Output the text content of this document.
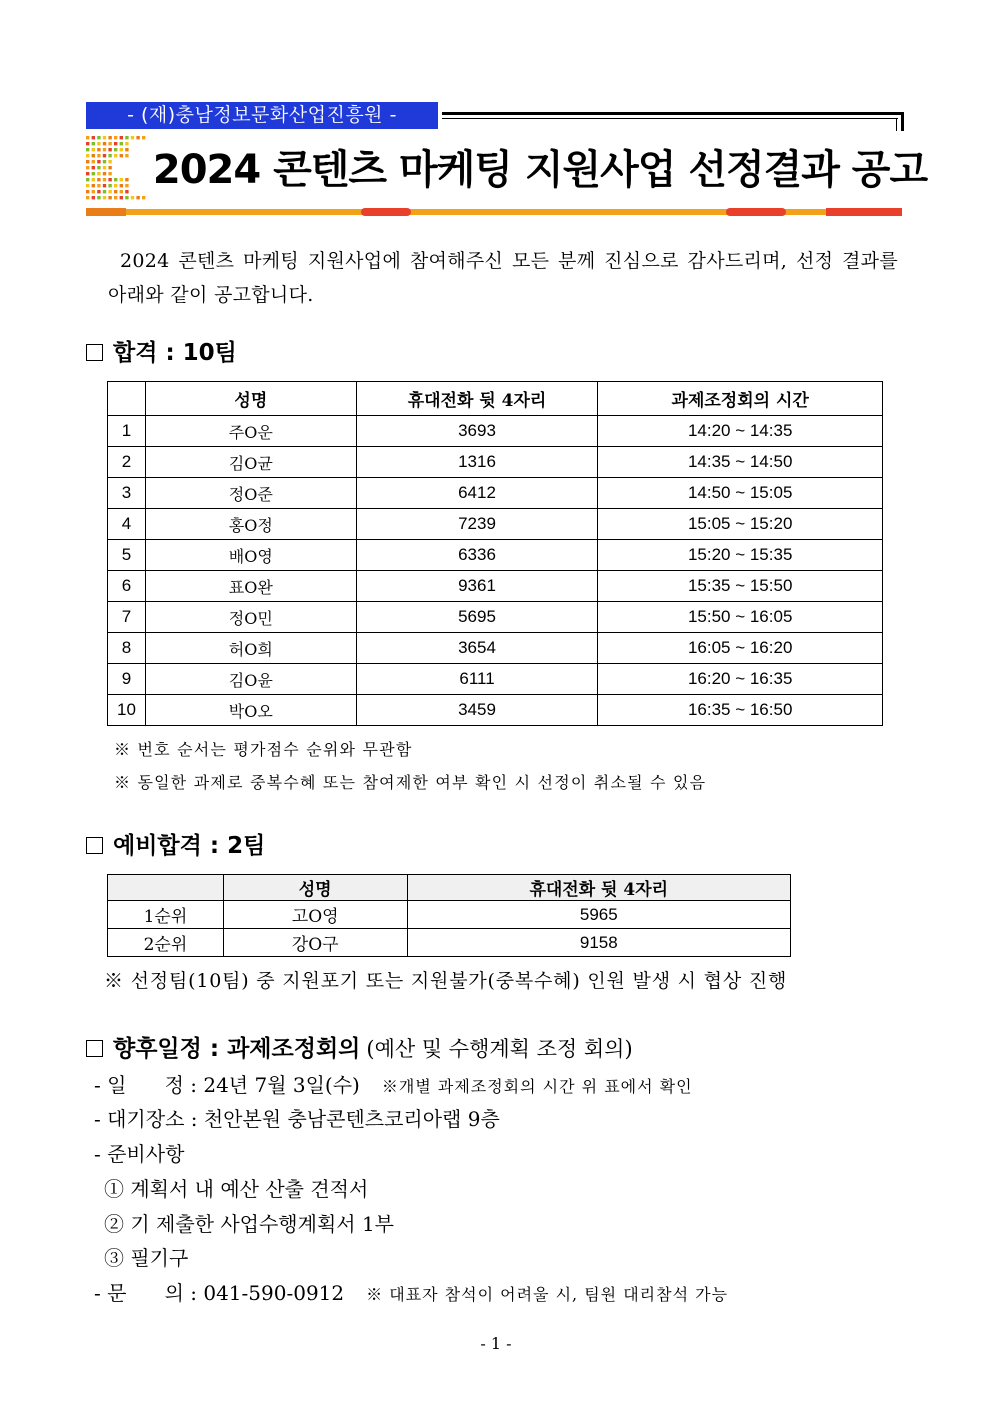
- (재)충남정보문화산업진흥원 -
2024 콘텐츠 마케팅 지원사업 선정결과 공고
2024 콘텐츠 마케팅 지원사업에 참여해주신 모든 분께 진심으로 감사드리며, 선정 결과를 아래와 같이 공고합니다.
합격 : 10팀
	성명	휴대전화 뒷 4자리	과제조정회의 시간
1	주O운	3693	14:20 ~ 14:35
2	김O균	1316	14:35 ~ 14:50
3	정O준	6412	14:50 ~ 15:05
4	홍O정	7239	15:05 ~ 15:20
5	배O영	6336	15:20 ~ 15:35
6	표O완	9361	15:35 ~ 15:50
7	정O민	5695	15:50 ~ 16:05
8	허O희	3654	16:05 ~ 16:20
9	김O윤	6111	16:20 ~ 16:35
10	박O오	3459	16:35 ~ 16:50
※ 번호 순서는 평가점수 순위와 무관함
※ 동일한 과제로 중복수혜 또는 참여제한 여부 확인 시 선정이 취소될 수 있음
예비합격 : 2팀
	성명	휴대전화 뒷 4자리
1순위	고O영	5965
2순위	강O구	9158
※ 선정팀(10팀) 중 지원포기 또는 지원불가(중복수혜) 인원 발생 시 협상 진행
향후일정 : 과제조정회의 (예산 및 수행계획 조정 회의)
- 일      정 : 24년 7월 3일(수) ※개별 과제조정회의 시간 위 표에서 확인
- 대기장소 : 천안본원 충남콘텐츠코리아랩 9층
- 준비사항
① 계획서 내 예산 산출 견적서
② 기 제출한 사업수행계획서 1부
③ 필기구
- 문      의 : 041-590-0912 ※ 대표자 참석이 어려울 시, 팀원 대리참석 가능
- 1 -
